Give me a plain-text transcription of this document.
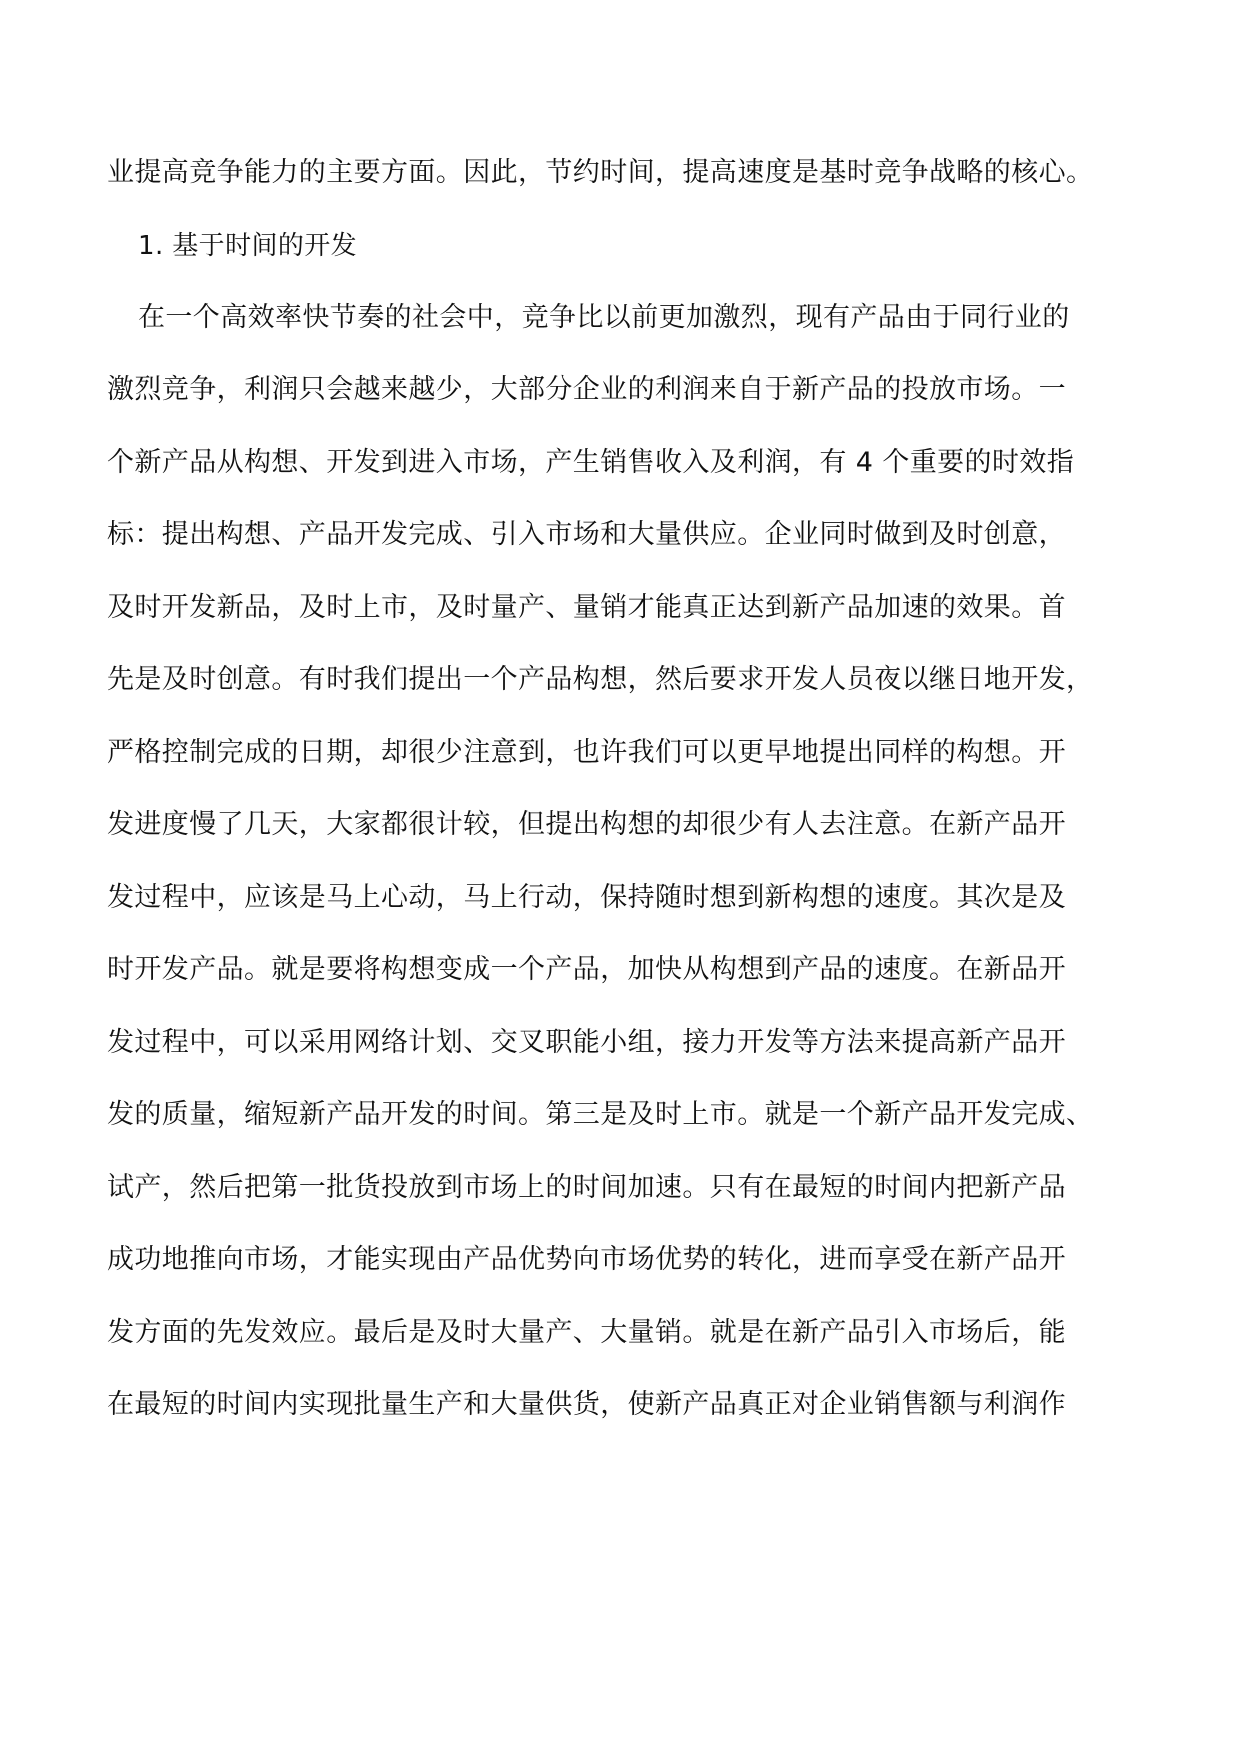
业提高竞争能力的主要方面。因此，节约时间，提高速度是基时竞争战略的核心。
1. 基于时间的开发
在一个高效率快节奏的社会中，竞争比以前更加激烈，现有产品由于同行业的
激烈竞争，利润只会越来越少，大部分企业的利润来自于新产品的投放市场。一
个新产品从构想、开发到进入市场，产生销售收入及利润，有 4 个重要的时效指
标：提出构想、产品开发完成、引入市场和大量供应。企业同时做到及时创意，
及时开发新品，及时上市，及时量产、量销才能真正达到新产品加速的效果。首
先是及时创意。有时我们提出一个产品构想，然后要求开发人员夜以继日地开发，
严格控制完成的日期，却很少注意到，也许我们可以更早地提出同样的构想。开
发进度慢了几天，大家都很计较，但提出构想的却很少有人去注意。在新产品开
发过程中，应该是马上心动，马上行动，保持随时想到新构想的速度。其次是及
时开发产品。就是要将构想变成一个产品，加快从构想到产品的速度。在新品开
发过程中，可以采用网络计划、交叉职能小组，接力开发等方法来提高新产品开
发的质量，缩短新产品开发的时间。第三是及时上市。就是一个新产品开发完成、
试产，然后把第一批货投放到市场上的时间加速。只有在最短的时间内把新产品
成功地推向市场，才能实现由产品优势向市场优势的转化，进而享受在新产品开
发方面的先发效应。最后是及时大量产、大量销。就是在新产品引入市场后，能
在最短的时间内实现批量生产和大量供货，使新产品真正对企业销售额与利润作
